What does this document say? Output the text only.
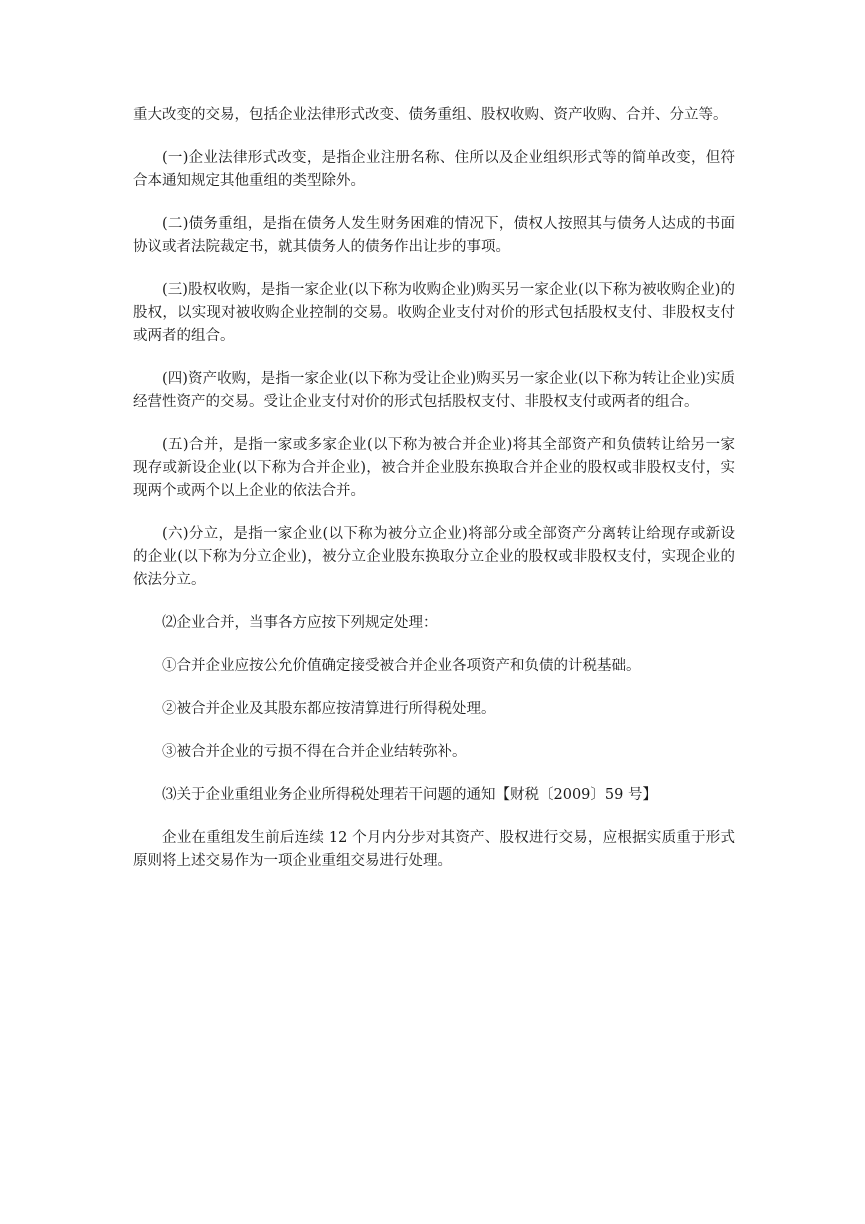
重大改变的交易，包括企业法律形式改变、债务重组、股权收购、资产收购、合并、分立等。

(一)企业法律形式改变，是指企业注册名称、住所以及企业组织形式等的简单改变，但符合本通知规定其他重组的类型除外。

(二)债务重组，是指在债务人发生财务困难的情况下，债权人按照其与债务人达成的书面协议或者法院裁定书，就其债务人的债务作出让步的事项。

(三)股权收购，是指一家企业(以下称为收购企业)购买另一家企业(以下称为被收购企业)的股权，以实现对被收购企业控制的交易。收购企业支付对价的形式包括股权支付、非股权支付或两者的组合。

(四)资产收购，是指一家企业(以下称为受让企业)购买另一家企业(以下称为转让企业)实质经营性资产的交易。受让企业支付对价的形式包括股权支付、非股权支付或两者的组合。

(五)合并，是指一家或多家企业(以下称为被合并企业)将其全部资产和负债转让给另一家现存或新设企业(以下称为合并企业)，被合并企业股东换取合并企业的股权或非股权支付，实现两个或两个以上企业的依法合并。

(六)分立，是指一家企业(以下称为被分立企业)将部分或全部资产分离转让给现存或新设的企业(以下称为分立企业)，被分立企业股东换取分立企业的股权或非股权支付，实现企业的依法分立。

⑵企业合并，当事各方应按下列规定处理：

①合并企业应按公允价值确定接受被合并企业各项资产和负债的计税基础。

②被合并企业及其股东都应按清算进行所得税处理。

③被合并企业的亏损不得在合并企业结转弥补。

⑶关于企业重组业务企业所得税处理若干问题的通知【财税〔2009〕59 号】

企业在重组发生前后连续 12 个月内分步对其资产、股权进行交易，应根据实质重于形式原则将上述交易作为一项企业重组交易进行处理。
